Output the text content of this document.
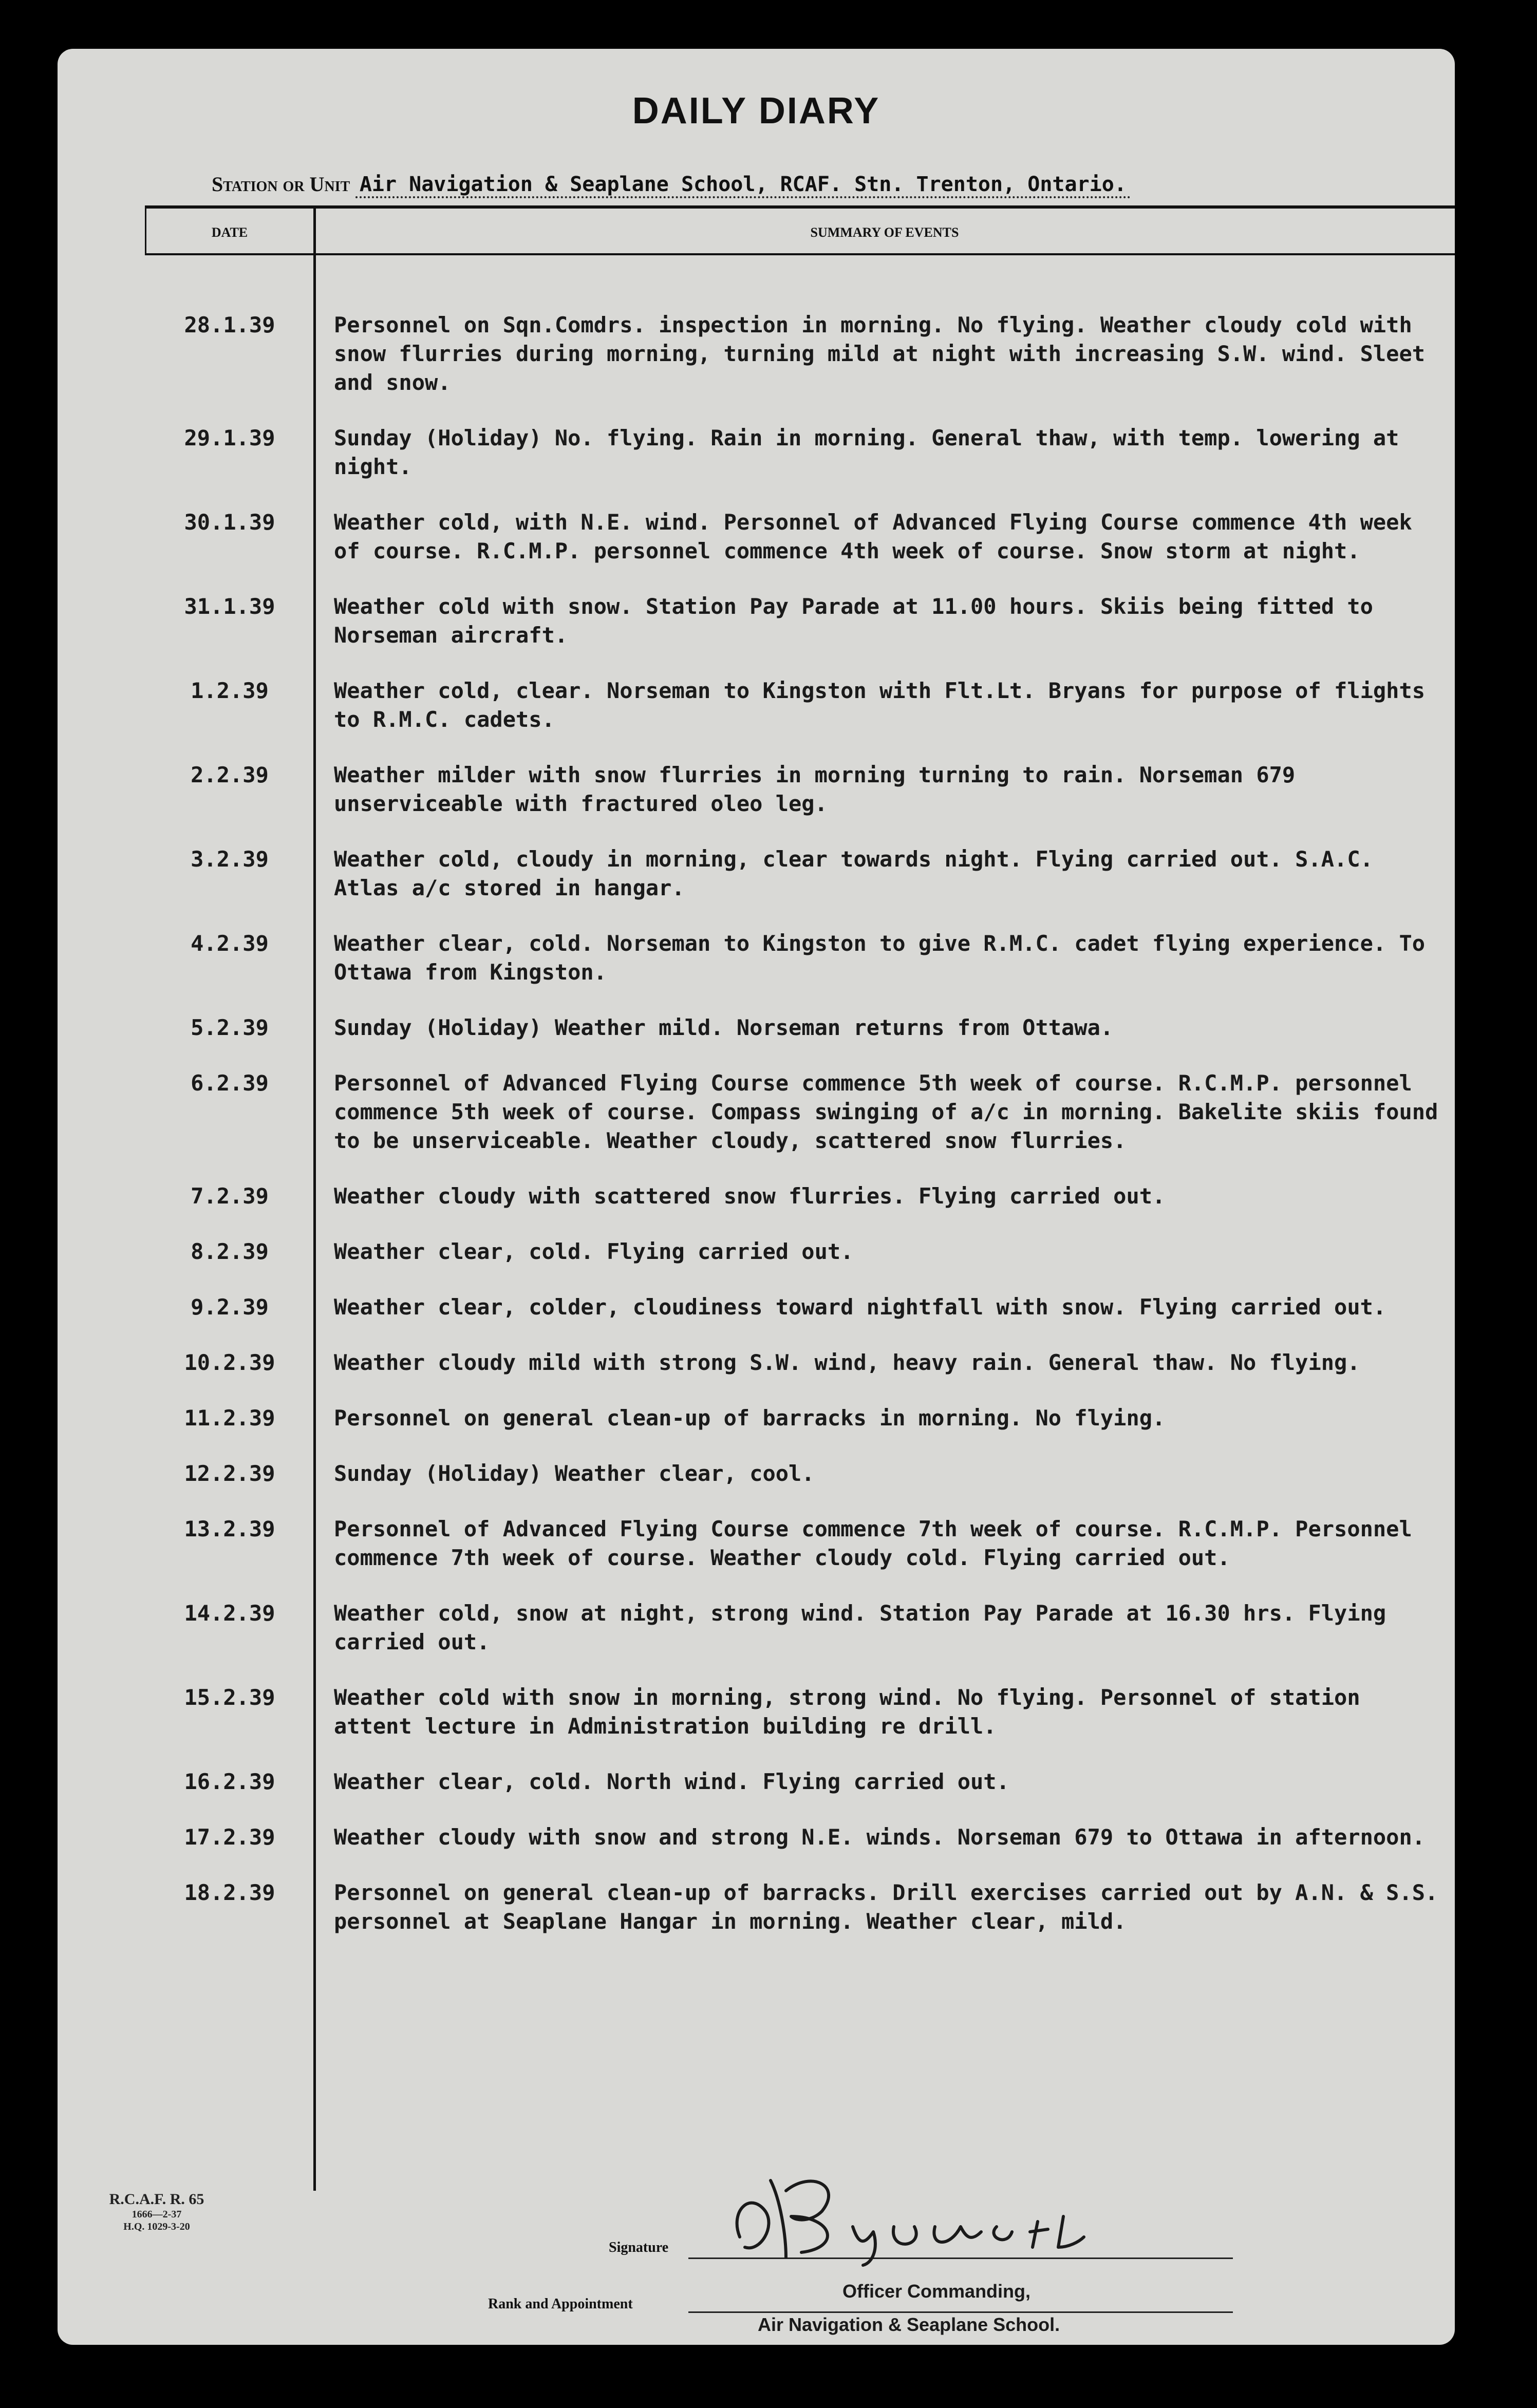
DAILY DIARY
Station or Unit Air Navigation & Seaplane School, RCAF. Stn. Trenton, Ontario.
DATE	SUMMARY OF EVENTS
28.1.39	Personnel on Sqn.Comdrs. inspection in morning. No flying. Weather cloudy cold with snow flurries during morning, turning mild at night with increasing S.W. wind. Sleet and snow.
29.1.39	Sunday (Holiday) No. flying. Rain in morning. General thaw, with temp. lowering at night.
30.1.39	Weather cold, with N.E. wind. Personnel of Advanced Flying Course commence 4th week of course. R.C.M.P. personnel commence 4th week of course. Snow storm at night.
31.1.39	Weather cold with snow. Station Pay Parade at 11.00 hours. Skiis being fitted to Norseman aircraft.
1.2.39	Weather cold, clear. Norseman to Kingston with Flt.Lt. Bryans for purpose of flights to R.M.C. cadets.
2.2.39	Weather milder with snow flurries in morning turning to rain. Norseman 679 unserviceable with fractured oleo leg.
3.2.39	Weather cold, cloudy in morning, clear towards night. Flying carried out. S.A.C. Atlas a/c stored in hangar.
4.2.39	Weather clear, cold. Norseman to Kingston to give R.M.C. cadet flying experience. To Ottawa from Kingston.
5.2.39	Sunday (Holiday) Weather mild. Norseman returns from Ottawa.
6.2.39	Personnel of Advanced Flying Course commence 5th week of course. R.C.M.P. personnel commence 5th week of course. Compass swinging of a/c in morning. Bakelite skiis found to be unserviceable. Weather cloudy, scattered snow flurries.
7.2.39	Weather cloudy with scattered snow flurries. Flying carried out.
8.2.39	Weather clear, cold. Flying carried out.
9.2.39	Weather clear, colder, cloudiness toward nightfall with snow. Flying carried out.
10.2.39	Weather cloudy mild with strong S.W. wind, heavy rain. General thaw. No flying.
11.2.39	Personnel on general clean-up of barracks in morning. No flying.
12.2.39	Sunday (Holiday) Weather clear, cool.
13.2.39	Personnel of Advanced Flying Course commence 7th week of course. R.C.M.P. Personnel commence 7th week of course. Weather cloudy cold. Flying carried out.
14.2.39	Weather cold, snow at night, strong wind. Station Pay Parade at 16.30 hrs. Flying carried out.
15.2.39	Weather cold with snow in morning, strong wind. No flying. Personnel of station attent lecture in Administration building re drill.
16.2.39	Weather clear, cold. North wind. Flying carried out.
17.2.39	Weather cloudy with snow and strong N.E. winds. Norseman 679 to Ottawa in afternoon.
18.2.39	Personnel on general clean-up of barracks. Drill exercises carried out by A.N. & S.S. personnel at Seaplane Hangar in morning. Weather clear, mild.
R.C.A.F. R. 65
1666—2-37
H.Q. 1029-3-20
Signature
Rank and Appointment
Officer Commanding,
Air Navigation & Seaplane School.
